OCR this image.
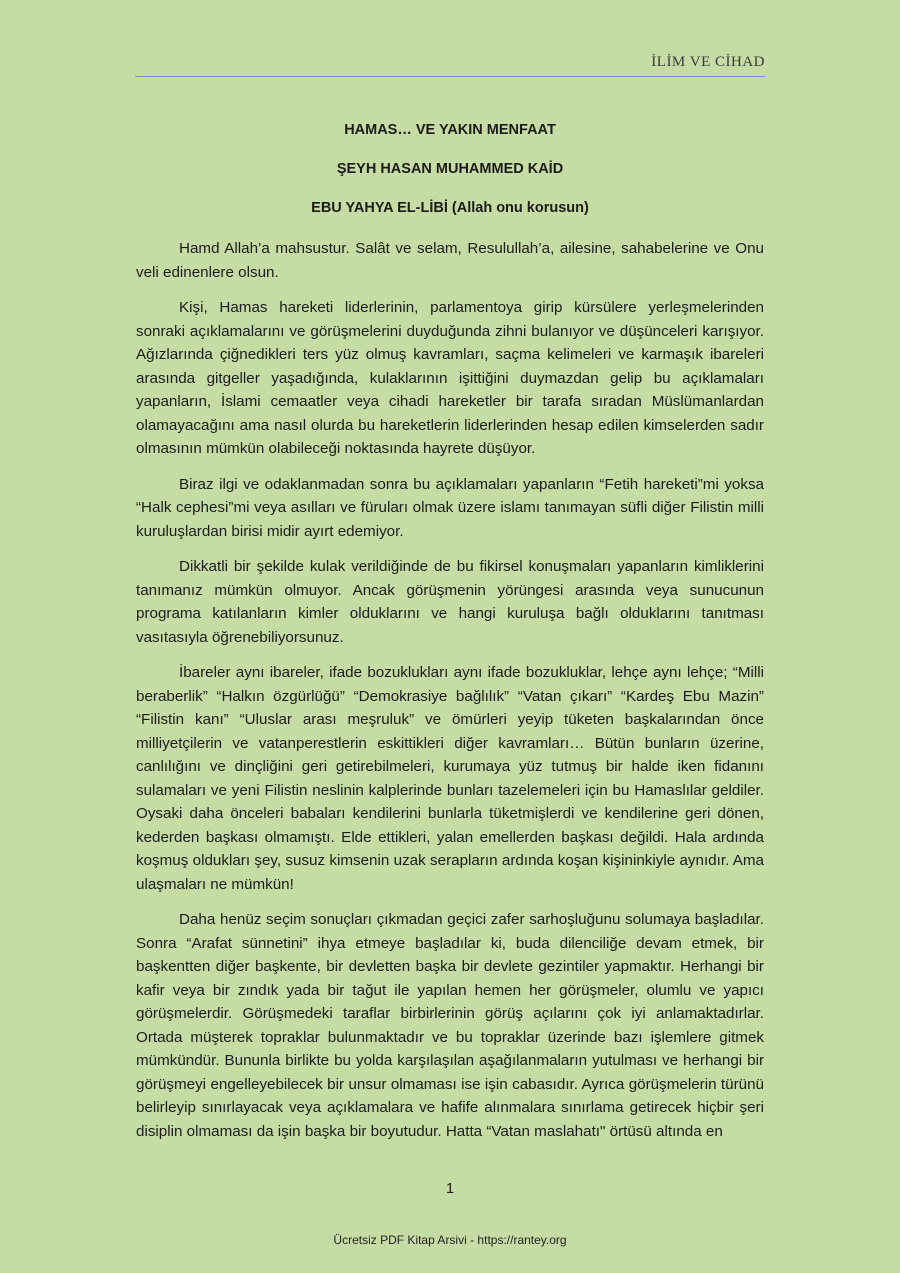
İLİM VE CİHAD

HAMAS… VE YAKIN MENFAAT

ŞEYH HASAN MUHAMMED KAİD

EBU YAHYA EL-LİBİ (Allah onu korusun)

Hamd Allah’a mahsustur. Salât ve selam, Resulullah’a, ailesine, sahabelerine ve Onu veli edinenlere olsun.

Kişi, Hamas hareketi liderlerinin, parlamentoya girip kürsülere yerleşmelerinden sonraki açıklamalarını ve görüşmelerini duyduğunda zihni bulanıyor ve düşünceleri karışıyor. Ağızlarında çiğnedikleri ters yüz olmuş kavramları, saçma kelimeleri ve karmaşık ibareleri arasında gitgeller yaşadığında, kulaklarının işittiğini duymazdan gelip bu açıklamaları yapanların, İslami cemaatler veya cihadi hareketler bir tarafa sıradan Müslümanlardan olamayacağını ama nasıl olurda bu hareketlerin liderlerinden hesap edilen kimselerden sadır olmasının mümkün olabileceği noktasında hayrete düşüyor.

Biraz ilgi ve odaklanmadan sonra bu açıklamaları yapanların “Fetih hareketi”mi yoksa “Halk cephesi”mi veya asılları ve füruları olmak üzere islamı tanımayan süfli diğer Filistin milli kuruluşlardan birisi midir ayırt edemiyor.

Dikkatli bir şekilde kulak verildiğinde de bu fikirsel konuşmaları yapanların kimliklerini tanımanız mümkün olmuyor. Ancak görüşmenin yörüngesi arasında veya sunucunun programa katılanların kimler olduklarını ve hangi kuruluşa bağlı olduklarını tanıtması vasıtasıyla öğrenebiliyorsunuz.

İbareler aynı ibareler, ifade bozuklukları aynı ifade bozukluklar, lehçe aynı lehçe; “Milli beraberlik” “Halkın özgürlüğü” “Demokrasiye bağlılık” “Vatan çıkarı” “Kardeş Ebu Mazin” “Filistin kanı” “Uluslar arası meşruluk” ve ömürleri yeyip tüketen başkalarından önce milliyetçilerin ve vatanperestlerin eskittikleri diğer kavramları… Bütün bunların üzerine, canlılığını ve dinçliğini geri getirebilmeleri, kurumaya yüz tutmuş bir halde iken fidanını sulamaları ve yeni Filistin neslinin kalplerinde bunları tazelemeleri için bu Hamaslılar geldiler. Oysaki daha önceleri babaları kendilerini bunlarla tüketmişlerdi ve kendilerine geri dönen, kederden başkası olmamıştı. Elde ettikleri, yalan emellerden başkası değildi. Hala ardında koşmuş oldukları şey, susuz kimsenin uzak serapların ardında koşan kişininkiyle aynıdır. Ama ulaşmaları ne mümkün!

Daha henüz seçim sonuçları çıkmadan geçici zafer sarhoşluğunu solumaya başladılar. Sonra “Arafat sünnetini” ihya etmeye başladılar ki, buda dilenciliğe devam etmek, bir başkentten diğer başkente, bir devletten başka bir devlete gezintiler yapmaktır. Herhangi bir kafir veya bir zındık yada bir tağut ile yapılan hemen her görüşmeler, olumlu ve yapıcı görüşmelerdir. Görüşmedeki taraflar birbirlerinin görüş açılarını çok iyi anlamaktadırlar. Ortada müşterek topraklar bulunmaktadır ve bu topraklar üzerinde bazı işlemlere gitmek mümkündür. Bununla birlikte bu yolda karşılaşılan aşağılanmaların yutulması ve herhangi bir görüşmeyi engelleyebilecek bir unsur olmaması ise işin cabasıdır. Ayrıca görüşmelerin türünü belirleyip sınırlayacak veya açıklamalara ve hafife alınmalara sınırlama getirecek hiçbir şeri disiplin olmaması da işin başka bir boyutudur. Hatta “Vatan maslahatı" örtüsü altında en

1
Ücretsiz PDF Kitap Arsivi - https://rantey.org
